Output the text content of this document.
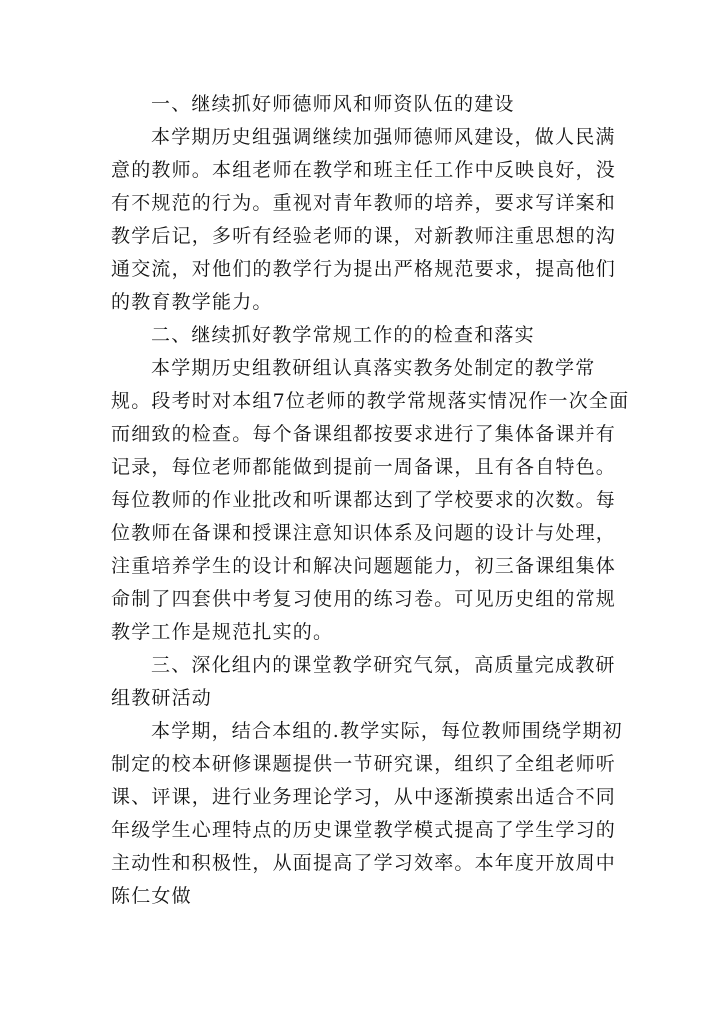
一、继续抓好师德师风和师资队伍的建设

本学期历史组强调继续加强师德师风建设，做人民满意的教师。本组老师在教学和班主任工作中反映良好，没有不规范的行为。重视对青年教师的培养，要求写详案和教学后记，多听有经验老师的课，对新教师注重思想的沟通交流，对他们的教学行为提出严格规范要求，提高他们的教育教学能力。

二、继续抓好教学常规工作的的检查和落实

本学期历史组教研组认真落实教务处制定的教学常规。段考时对本组7位老师的教学常规落实情况作一次全面而细致的检查。每个备课组都按要求进行了集体备课并有记录，每位老师都能做到提前一周备课，且有各自特色。每位教师的作业批改和听课都达到了学校要求的次数。每位教师在备课和授课注意知识体系及问题的设计与处理，注重培养学生的设计和解决问题题能力，初三备课组集体命制了四套供中考复习使用的练习卷。可见历史组的常规教学工作是规范扎实的。

三、深化组内的课堂教学研究气氛，高质量完成教研组教研活动

本学期，结合本组的.教学实际，每位教师围绕学期初制定的校本研修课题提供一节研究课，组织了全组老师听课、评课，进行业务理论学习，从中逐渐摸索出适合不同年级学生心理特点的历史课堂教学模式提高了学生学习的主动性和积极性，从面提高了学习效率。本年度开放周中陈仁女做
